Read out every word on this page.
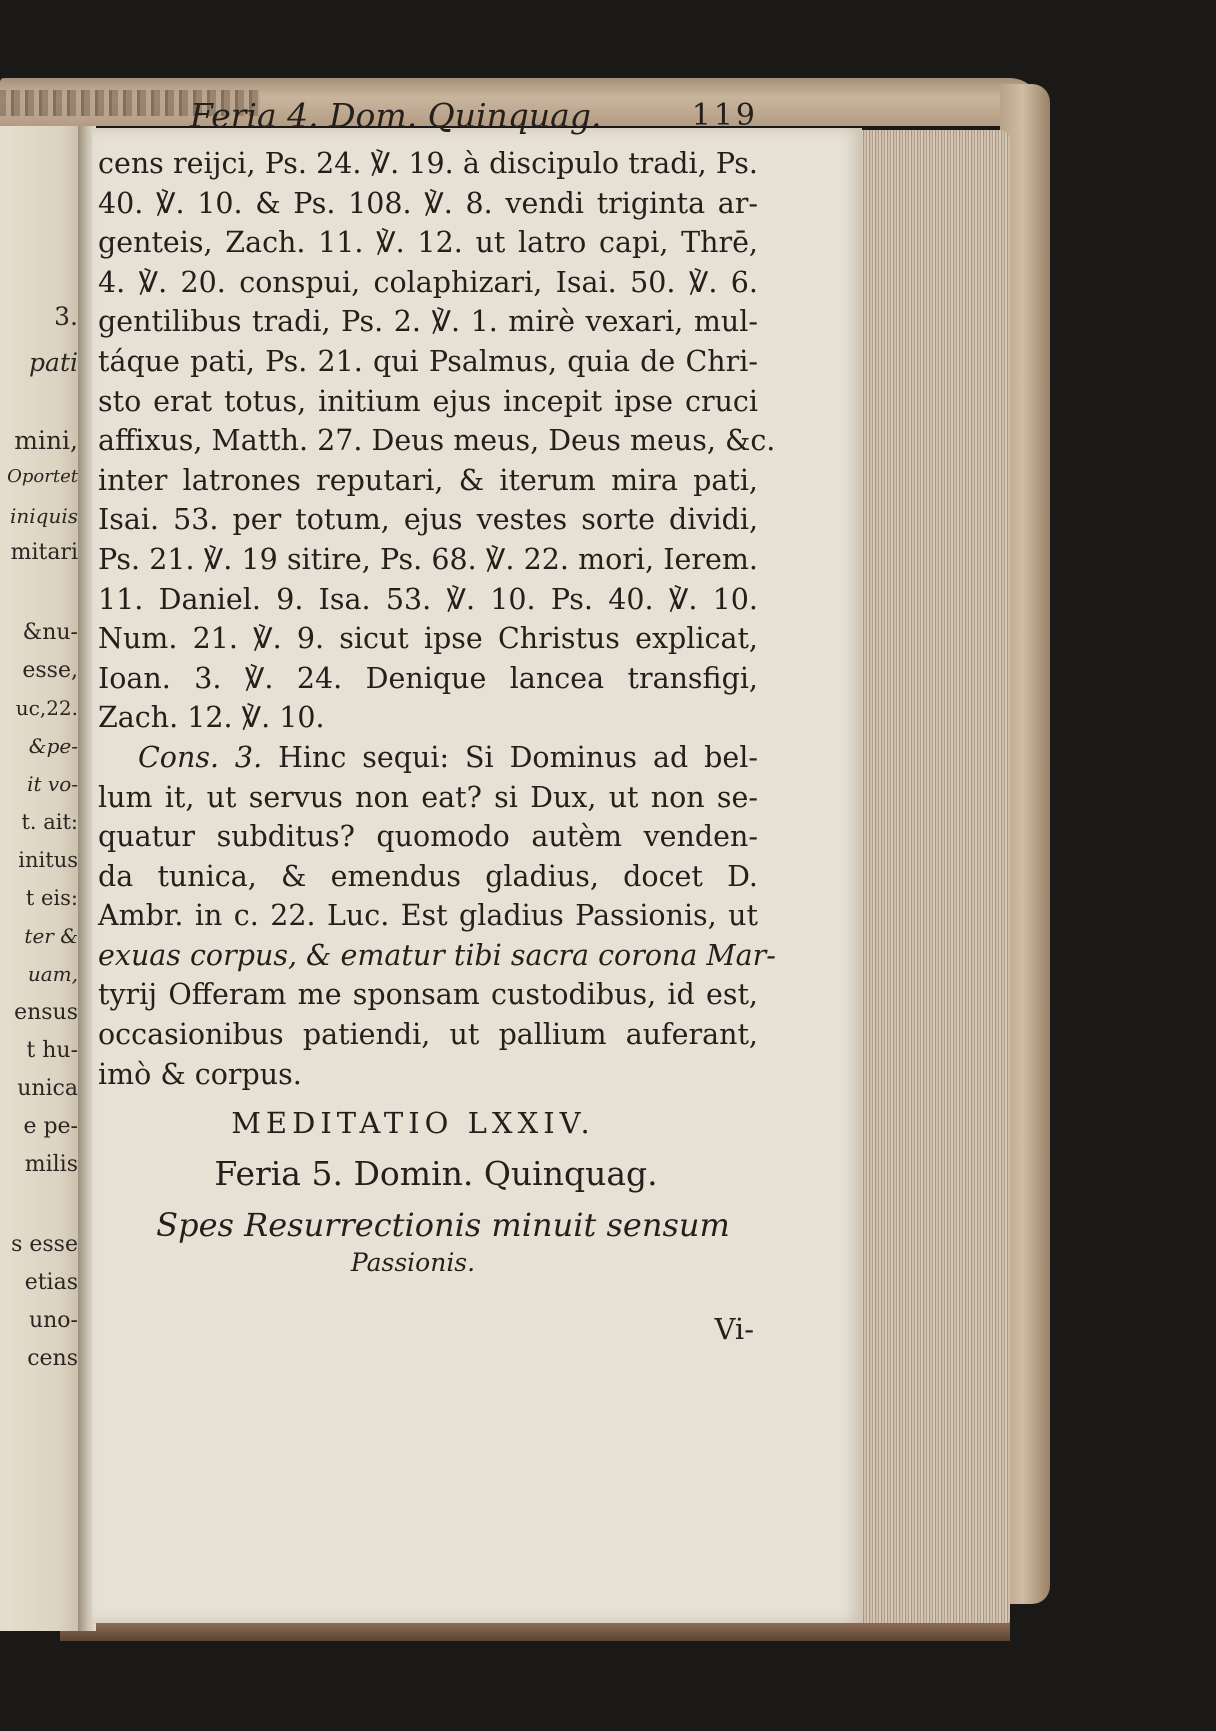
3.
pati
mini,
Oportet
iniquis
mitari
&nu-
esse,
uc,22.
&pe-
it vo-
t. ait:
initus
t eis:
ter &
uam,
ensus
t hu-
unica
e pe-
milis
s esse
etias
uno-
cens
Feria 4. Dom. Quinquag.	119
cens reijci, Ps. 24. ℣. 19. à discipulo tradi, Ps.
40. ℣. 10. & Ps. 108. ℣. 8. vendi triginta ar-
genteis, Zach. 11. ℣. 12. ut latro capi, Thrē,
4. ℣. 20. conspui, colaphizari, Isai. 50. ℣. 6.
gentilibus tradi, Ps. 2. ℣. 1. mirè vexari, mul-
táque pati, Ps. 21. qui Psalmus, quia de Chri-
sto erat totus, initium ejus incepit ipse cruci
affixus, Matth. 27. Deus meus, Deus meus, &c.
inter latrones reputari, & iterum mira pati,
Isai. 53. per totum, ejus vestes sorte dividi,
Ps. 21. ℣. 19 sitire, Ps. 68. ℣. 22. mori, Ierem.
11. Daniel. 9. Isa. 53. ℣. 10. Ps. 40. ℣. 10.
Num. 21. ℣. 9. sicut ipse Christus explicat,
Ioan. 3. ℣. 24. Denique lancea transfigi,
Zach. 12. ℣. 10.
Cons. 3. Hinc sequi: Si Dominus ad bel-
lum it, ut servus non eat? si Dux, ut non se-
quatur subditus? quomodo autèm venden-
da tunica, & emendus gladius, docet D.
Ambr. in c. 22. Luc. Est gladius Passionis, ut
exuas corpus, & ematur tibi sacra corona Mar-
tyrij Offeram me sponsam custodibus, id est,
occasionibus patiendi, ut pallium auferant,
imò & corpus.
MEDITATIO LXXIV.
Feria 5. Domin. Quinquag.
Spes Resurrectionis minuit sensum
Passionis.
Vi-
